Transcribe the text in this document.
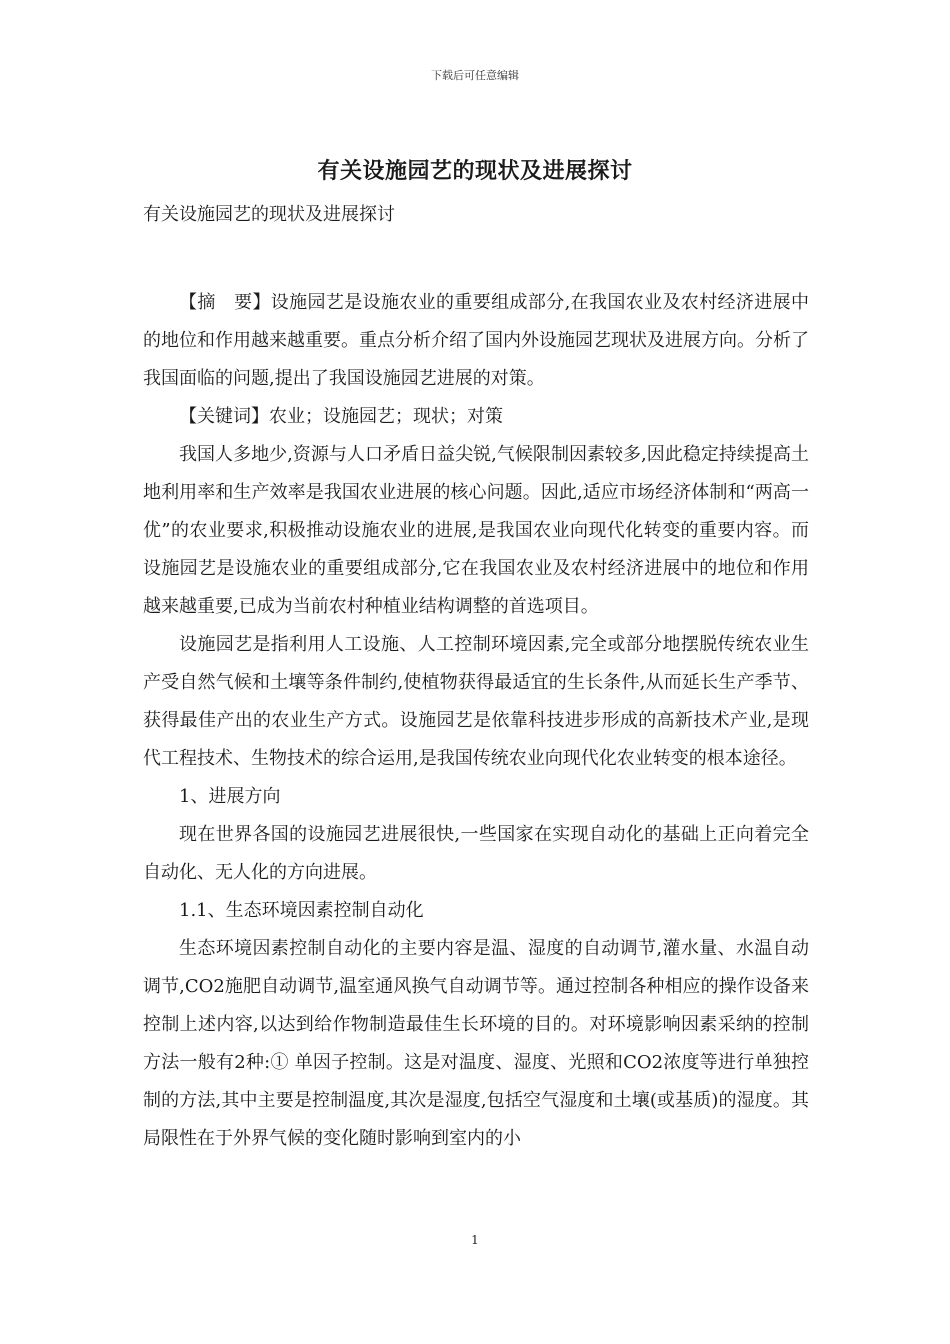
下载后可任意编辑
有关设施园艺的现状及进展探讨

有关设施园艺的现状及进展探讨

【摘　要】设施园艺是设施农业的重要组成部分,在我国农业及农村经济进展中的地位和作用越来越重要。重点分析介绍了国内外设施园艺现状及进展方向。分析了我国面临的问题,提出了我国设施园艺进展的对策。

【关键词】农业；设施园艺；现状；对策

我国人多地少,资源与人口矛盾日益尖锐,气候限制因素较多,因此稳定持续提高土地利用率和生产效率是我国农业进展的核心问题。因此,适应市场经济体制和“两高一优”的农业要求,积极推动设施农业的进展,是我国农业向现代化转变的重要内容。而设施园艺是设施农业的重要组成部分,它在我国农业及农村经济进展中的地位和作用越来越重要,已成为当前农村种植业结构调整的首选项目。

设施园艺是指利用人工设施、人工控制环境因素,完全或部分地摆脱传统农业生产受自然气候和土壤等条件制约,使植物获得最适宜的生长条件,从而延长生产季节、获得最佳产出的农业生产方式。设施园艺是依靠科技进步形成的高新技术产业,是现代工程技术、生物技术的综合运用,是我国传统农业向现代化农业转变的根本途径。

1、进展方向

现在世界各国的设施园艺进展很快,一些国家在实现自动化的基础上正向着完全自动化、无人化的方向进展。

1.1、生态环境因素控制自动化

生态环境因素控制自动化的主要内容是温、湿度的自动调节,灌水量、水温自动调节,CO2施肥自动调节,温室通风换气自动调节等。通过控制各种相应的操作设备来控制上述内容,以达到给作物制造最佳生长环境的目的。对环境影响因素采纳的控制方法一般有2种:① 单因子控制。这是对温度、湿度、光照和CO2浓度等进行单独控制的方法,其中主要是控制温度,其次是湿度,包括空气湿度和土壤(或基质)的湿度。其局限性在于外界气候的变化随时影响到室内的小

1
